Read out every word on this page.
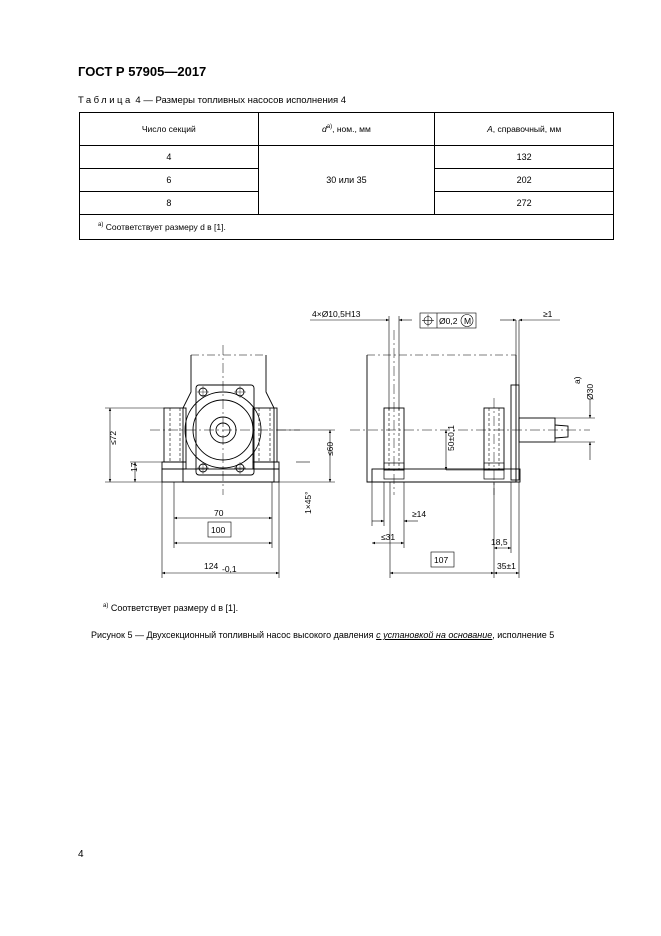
ГОСТ Р 57905—2017
Таблица 4 — Размеры топливных насосов исполнения 4
Число секций	$d^{a)}$, ном., мм	A, справочный, мм
4	30 или 35	132
6		202
8		272
$^{a)}$ Соответствует размеру d в [1].		
≤72
17
≤60
1×45°
70
100
124 -0,1
4×Ø10,5H13
Ø0,2 M
≥1
Ø30
a)
50±0,1
≥14
≤31
107
18,5
35±1
$^{a)}$ Соответствует размеру d в [1].
Рисунок 5 — Двухсекционный топливный насос высокого давления с установкой на основание, исполнение 5
4
